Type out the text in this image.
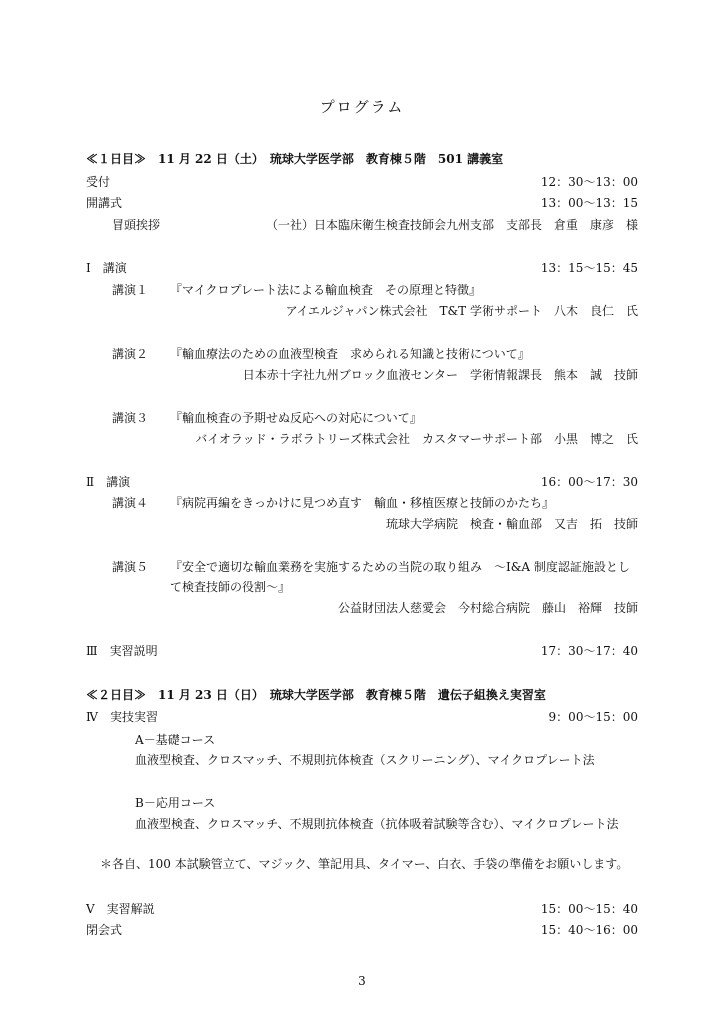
プログラム
≪１日目≫　11 月 22 日（土）　琉球大学医学部　教育棟５階　501 講義室
受付	12：30〜13：00
開講式	13：00〜13：15
冒頭挨拶	（一社）日本臨床衛生検査技師会九州支部　支部長　倉重　康彦　様
Ⅰ　講演	13：15〜15：45
講演１ 『マイクロプレート法による輸血検査　その原理と特徴』
アイエルジャパン株式会社　T&T 学術サポート　八木　良仁　氏
講演２ 『輸血療法のための血液型検査　求められる知識と技術について』
日本赤十字社九州ブロック血液センター　学術情報課長　熊本　誠　技師
講演３ 『輸血検査の予期せぬ反応への対応について』
バイオラッド・ラボラトリーズ株式会社　カスタマーサポート部　小黒　博之　氏
Ⅱ　講演	16：00〜17：30
講演４ 『病院再編をきっかけに見つめ直す　輸血・移植医療と技師のかたち』
琉球大学病院　検査・輸血部　又吉　拓　技師
講演５ 『安全で適切な輸血業務を実施するための当院の取り組み　〜I&A 制度認証施設とし
て検査技師の役割〜』
公益財団法人慈愛会　今村総合病院　藤山　裕輝　技師
Ⅲ　実習説明	17：30〜17：40
≪２日目≫　11 月 23 日（日）　琉球大学医学部　教育棟５階　遺伝子組換え実習室
Ⅳ　実技実習	9：00〜15：00
A－基礎コース
血液型検査、クロスマッチ、不規則抗体検査（スクリーニング）、マイクロプレート法
B－応用コース
血液型検査、クロスマッチ、不規則抗体検査（抗体吸着試験等含む）、マイクロプレート法
＊各自、100 本試験管立て、マジック、筆記用具、タイマー、白衣、手袋の準備をお願いします。
Ⅴ　実習解説	15：00〜15：40
閉会式	15：40〜16：00
3
